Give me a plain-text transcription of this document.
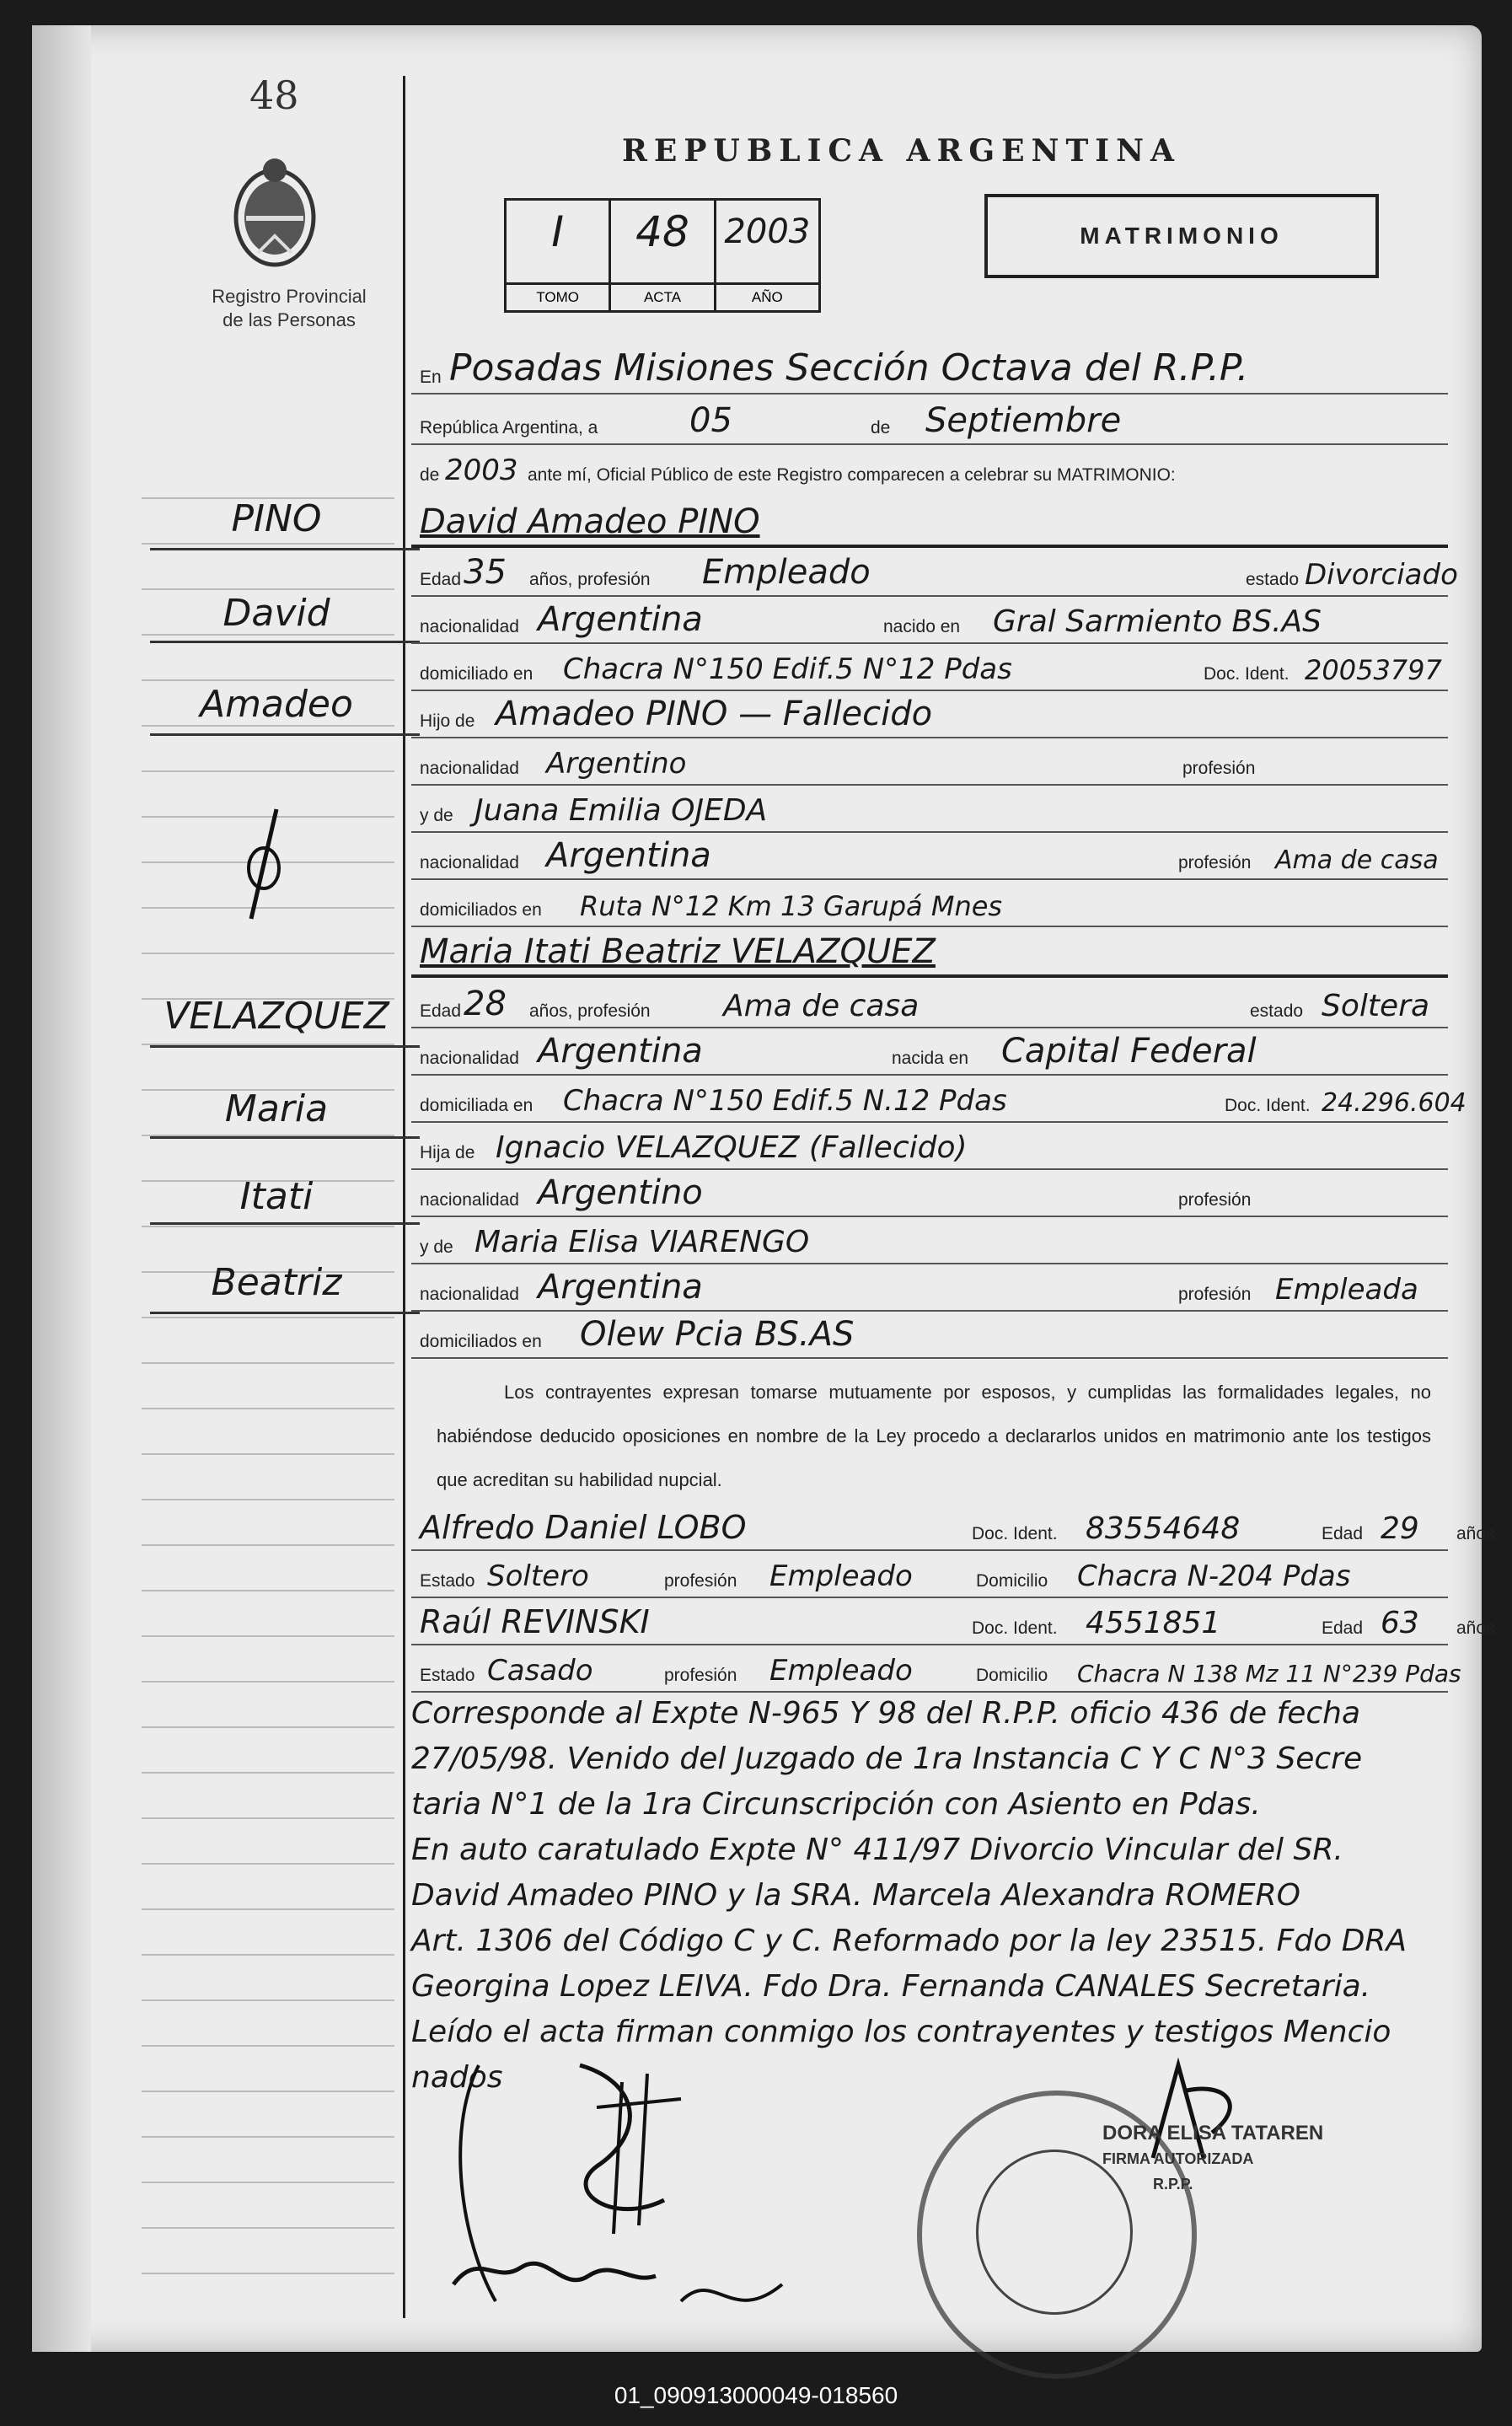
48
Registro Provincial
de las Personas
PINO
David
Amadeo
VELAZQUEZ
Maria
Itati
Beatriz
REPUBLICA ARGENTINA
I
TOMO
48
ACTA
2003
AÑO
MATRIMONIO
En Posadas Misiones Sección Octava del R.P.P.
República Argentina, a	05	de Septiembre
de 2003 ante mí, Oficial Público de este Registro comparecen a celebrar su MATRIMONIO:
David Amadeo PINO
Edad 35 años, profesión Empleado	estado Divorciado
nacionalidad Argentina	nacido en Gral Sarmiento BS.AS
domiciliado en Chacra N°150 Edif.5 N°12 Pdas	Doc. Ident. 20053797
Hijo de Amadeo PINO — Fallecido
nacionalidad Argentino	profesión
y de Juana Emilia OJEDA
nacionalidad Argentina	profesión Ama de casa
domiciliados en Ruta N°12 Km 13 Garupá Mnes
Maria Itati Beatriz VELAZQUEZ
Edad 28 años, profesión Ama de casa	estado Soltera
nacionalidad Argentina	nacida en Capital Federal
domiciliada en Chacra N°150 Edif.5 N.12 Pdas	Doc. Ident. 24.296.604
Hija de Ignacio VELAZQUEZ (Fallecido)
nacionalidad Argentino	profesión
y de Maria Elisa VIARENGO
nacionalidad Argentina	profesión Empleada
domiciliados en Olew Pcia BS.AS
Los contrayentes expresan tomarse mutuamente por esposos, y cumplidas las formalidades legales, no habiéndose deducido oposiciones en nombre de la Ley procedo a declararlos unidos en matrimonio ante los testigos que acreditan su habilidad nupcial.
Alfredo Daniel LOBO	Doc. Ident. 83554648	Edad 29 años
Estado Soltero	profesión Empleado	Domicilio Chacra N-204 Pdas
Raúl REVINSKI	Doc. Ident. 4551851	Edad 63 años
Estado Casado	profesión Empleado	Domicilio Chacra N 138 Mz 11 N°239 Pdas
Corresponde al Expte N-965 Y 98 del R.P.P. oficio 436 de fecha
27/05/98. Venido del Juzgado de 1ra Instancia C Y C N°3 Secre
taria N°1 de la 1ra Circunscripción con Asiento en Pdas.
En auto caratulado Expte N° 411/97 Divorcio Vincular del SR.
David Amadeo PINO y la SRA. Marcela Alexandra ROMERO
Art. 1306 del Código C y C. Reformado por la ley 23515. Fdo DRA
Georgina Lopez LEIVA. Fdo Dra. Fernanda CANALES Secretaria.
Leído el acta firman conmigo los contrayentes y testigos Mencio
nados
DORA ELISA TATAREN
FIRMA AUTORIZADA
R.P.P.
01_090913000049-018560
